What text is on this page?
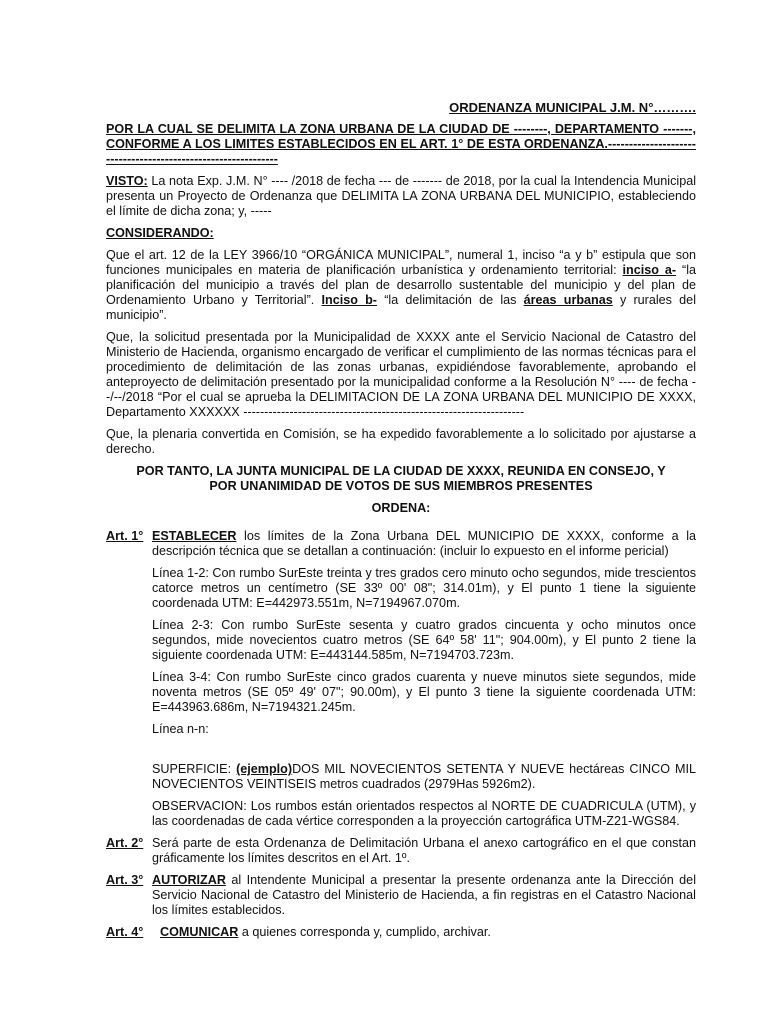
ORDENANZA MUNICIPAL J.M. N°……….
POR LA CUAL SE DELIMITA LA ZONA URBANA DE LA CIUDAD DE --------, DEPARTAMENTO -------, CONFORME A LOS LIMITES ESTABLECIDOS EN EL ART. 1° DE ESTA ORDENANZA.--------------------------------------------------------------

VISTO: La nota Exp. J.M. N° ---- /2018 de fecha --- de ------- de 2018, por la cual la Intendencia Municipal presenta un Proyecto de Ordenanza que DELIMITA LA ZONA URBANA DEL MUNICIPIO, estableciendo el límite de dicha zona; y, -----

CONSIDERANDO:

Que el art. 12 de la LEY 3966/10 “ORGÁNICA MUNICIPAL”, numeral 1, inciso “a y b” estipula que son funciones municipales en materia de planificación urbanística y ordenamiento territorial: inciso a- “la planificación del municipio a través del plan de desarrollo sustentable del municipio y del plan de Ordenamiento Urbano y Territorial”. Inciso b- “la delimitación de las áreas urbanas y rurales del municipio”.

Que, la solicitud presentada por la Municipalidad de XXXX ante el Servicio Nacional de Catastro del Ministerio de Hacienda, organismo encargado de verificar el cumplimiento de las normas técnicas para el procedimiento de delimitación de las zonas urbanas, expidiéndose favorablemente, aprobando el anteproyecto de delimitación presentado por la municipalidad conforme a la Resolución N° ---- de fecha --/--/2018 “Por el cual se aprueba la DELIMITACION DE LA ZONA URBANA DEL MUNICIPIO DE XXXX, Departamento XXXXXX -------------------------------------------------------------------

Que, la plenaria convertida en Comisión, se ha expedido favorablemente a lo solicitado por ajustarse a derecho.

POR TANTO, LA JUNTA MUNICIPAL DE LA CIUDAD DE XXXX, REUNIDA EN CONSEJO, Y POR UNANIMIDAD DE VOTOS DE SUS MIEMBROS PRESENTES

ORDENA:

Art. 1° ESTABLECER los límites de la Zona Urbana DEL MUNICIPIO DE XXXX, conforme a la descripción técnica que se detallan a continuación: (incluir lo expuesto en el informe pericial)
Línea 1-2: Con rumbo SurEste treinta y tres grados cero minuto ocho segundos, mide trescientos catorce metros un centímetro (SE 33º 00' 08"; 314.01m), y El punto 1 tiene la siguiente coordenada UTM: E=442973.551m, N=7194967.070m.
Línea 2-3: Con rumbo SurEste sesenta y cuatro grados cincuenta y ocho minutos once segundos, mide novecientos cuatro metros (SE 64º 58' 11"; 904.00m), y El punto 2 tiene la siguiente coordenada UTM: E=443144.585m, N=7194703.723m.
Línea 3-4: Con rumbo SurEste cinco grados cuarenta y nueve minutos siete segundos, mide noventa metros (SE 05º 49' 07"; 90.00m), y El punto 3 tiene la siguiente coordenada UTM: E=443963.686m, N=7194321.245m.
Línea n-n:
SUPERFICIE: (ejemplo)DOS MIL NOVECIENTOS SETENTA Y NUEVE hectáreas CINCO MIL NOVECIENTOS VEINTISEIS metros cuadrados (2979Has 5926m2).
OBSERVACION: Los rumbos están orientados respectos al NORTE DE CUADRICULA (UTM), y las coordenadas de cada vértice corresponden a la proyección cartográfica UTM-Z21-WGS84.
Art. 2° Será parte de esta Ordenanza de Delimitación Urbana el anexo cartográfico en el que constan gráficamente los límites descritos en el Art. 1º.
Art. 3° AUTORIZAR al Intendente Municipal a presentar la presente ordenanza ante la Dirección del Servicio Nacional de Catastro del Ministerio de Hacienda, a fin registras en el Catastro Nacional los límites establecidos.
Art. 4°	COMUNICAR a quienes corresponda y, cumplido, archivar.
